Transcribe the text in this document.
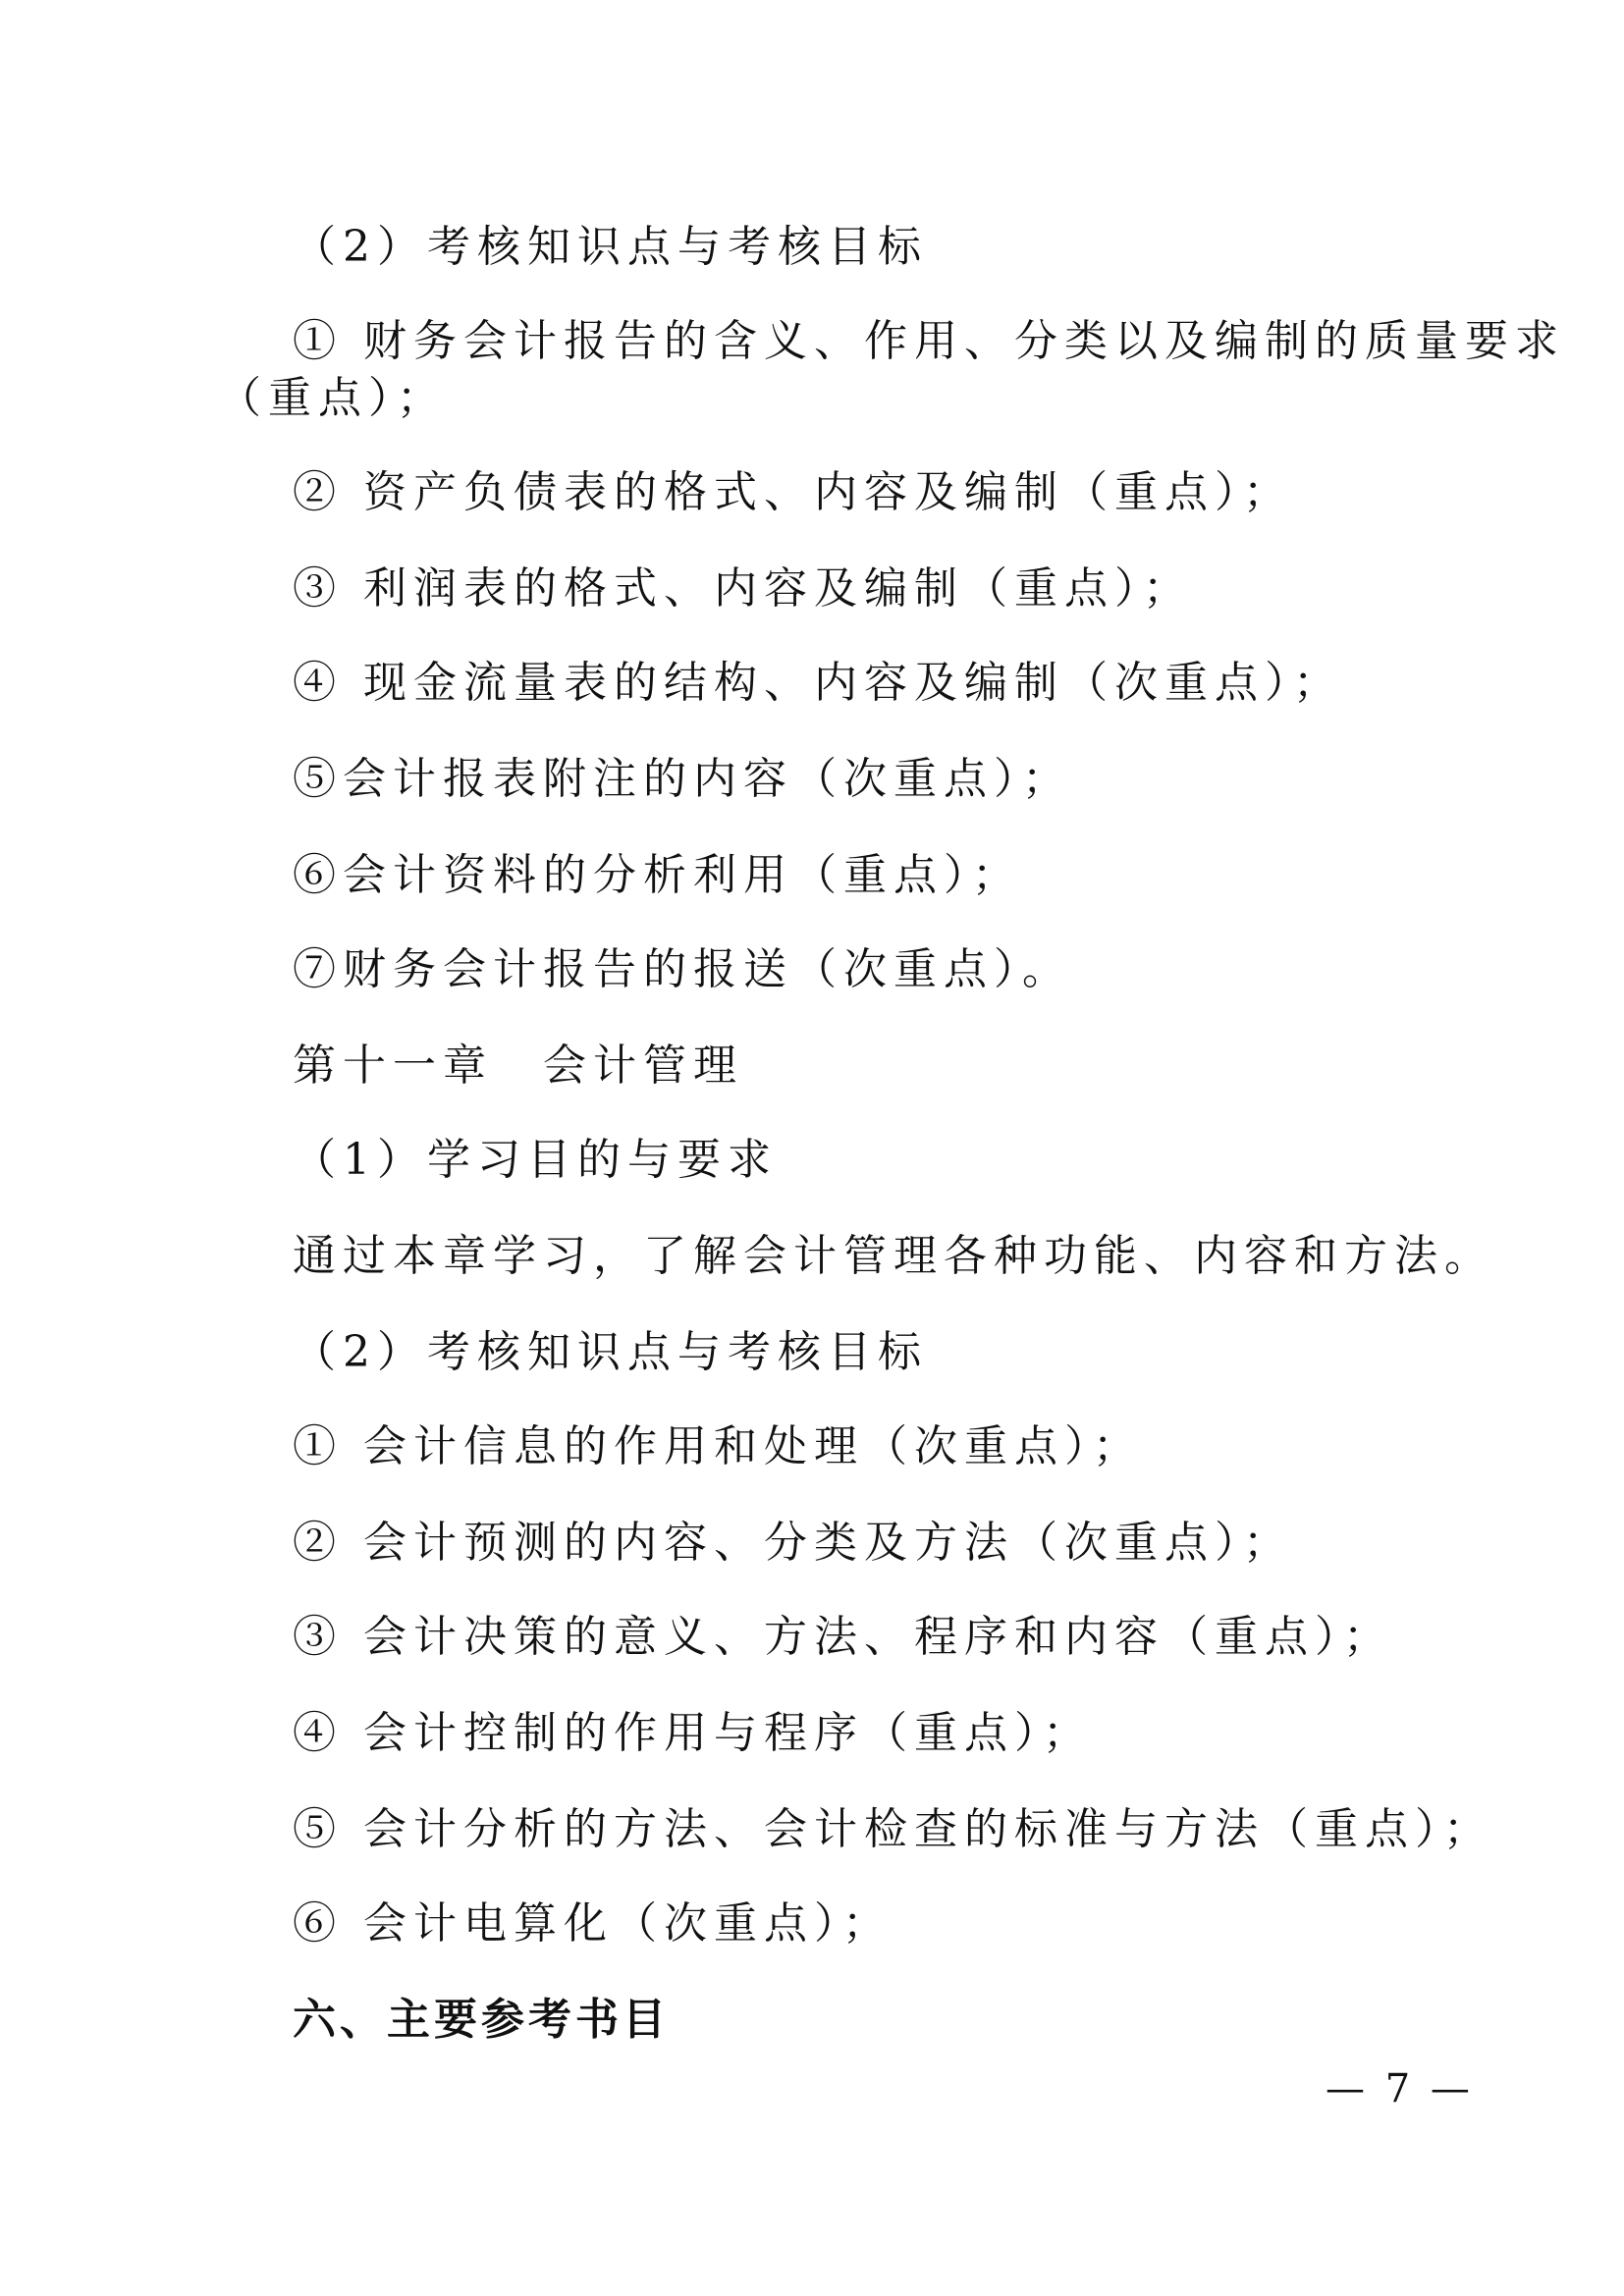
（2）考核知识点与考核目标
① 财务会计报告的含义、作用、分类以及编制的质量要求
（重点）；
② 资产负债表的格式、内容及编制（重点）；
③ 利润表的格式、内容及编制（重点）；
④ 现金流量表的结构、内容及编制（次重点）；
⑤会计报表附注的内容（次重点）；
⑥会计资料的分析利用（重点）；
⑦财务会计报告的报送（次重点）。
第十一章　会计管理
（1）学习目的与要求
通过本章学习，了解会计管理各种功能、内容和方法。
（2）考核知识点与考核目标
① 会计信息的作用和处理（次重点）；
② 会计预测的内容、分类及方法（次重点）；
③ 会计决策的意义、方法、程序和内容（重点）；
④ 会计控制的作用与程序（重点）；
⑤ 会计分析的方法、会计检查的标准与方法（重点）；
⑥ 会计电算化（次重点）；
六、主要参考书目
— 7 —
